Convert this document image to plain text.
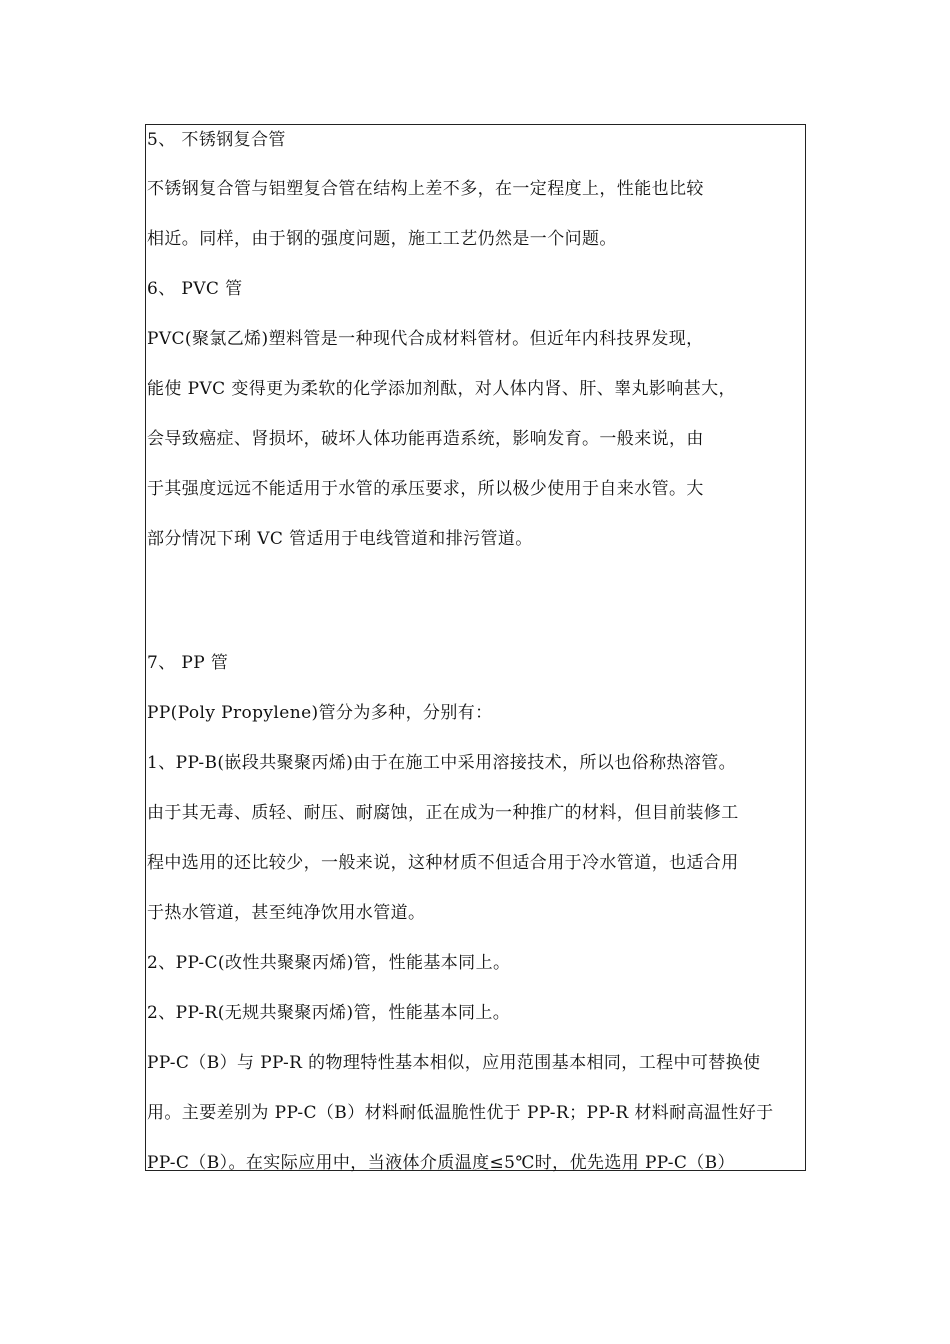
5、 不锈钢复合管
不锈钢复合管与铝塑复合管在结构上差不多，在一定程度上，性能也比较
相近。同样，由于钢的强度问题，施工工艺仍然是一个问题。
6、 PVC 管
PVC(聚氯乙烯)塑料管是一种现代合成材料管材。但近年内科技界发现，
能使 PVC 变得更为柔软的化学添加剂酞，对人体内肾、肝、睾丸影响甚大，
会导致癌症、肾损坏，破坏人体功能再造系统，影响发育。一般来说，由
于其强度远远不能适用于水管的承压要求，所以极少使用于自来水管。大
部分情况下琍 VC 管适用于电线管道和排污管道。
7、 PP 管
PP(Poly Propylene)管分为多种，分别有：
1、PP-B(嵌段共聚聚丙烯)由于在施工中采用溶接技术，所以也俗称热溶管。
由于其无毒、质轻、耐压、耐腐蚀，正在成为一种推广的材料，但目前装修工
程中选用的还比较少，一般来说，这种材质不但适合用于冷水管道，也适合用
于热水管道，甚至纯净饮用水管道。
2、PP-C(改性共聚聚丙烯)管，性能基本同上。
2、PP-R(无规共聚聚丙烯)管，性能基本同上。
PP-C（B）与 PP-R 的物理特性基本相似，应用范围基本相同，工程中可替换使
用。主要差别为 PP-C（B）材料耐低温脆性优于 PP-R；PP-R 材料耐高温性好于
PP-C（B）。在实际应用中，当液体介质温度≤5℃时，优先选用 PP-C（B）
